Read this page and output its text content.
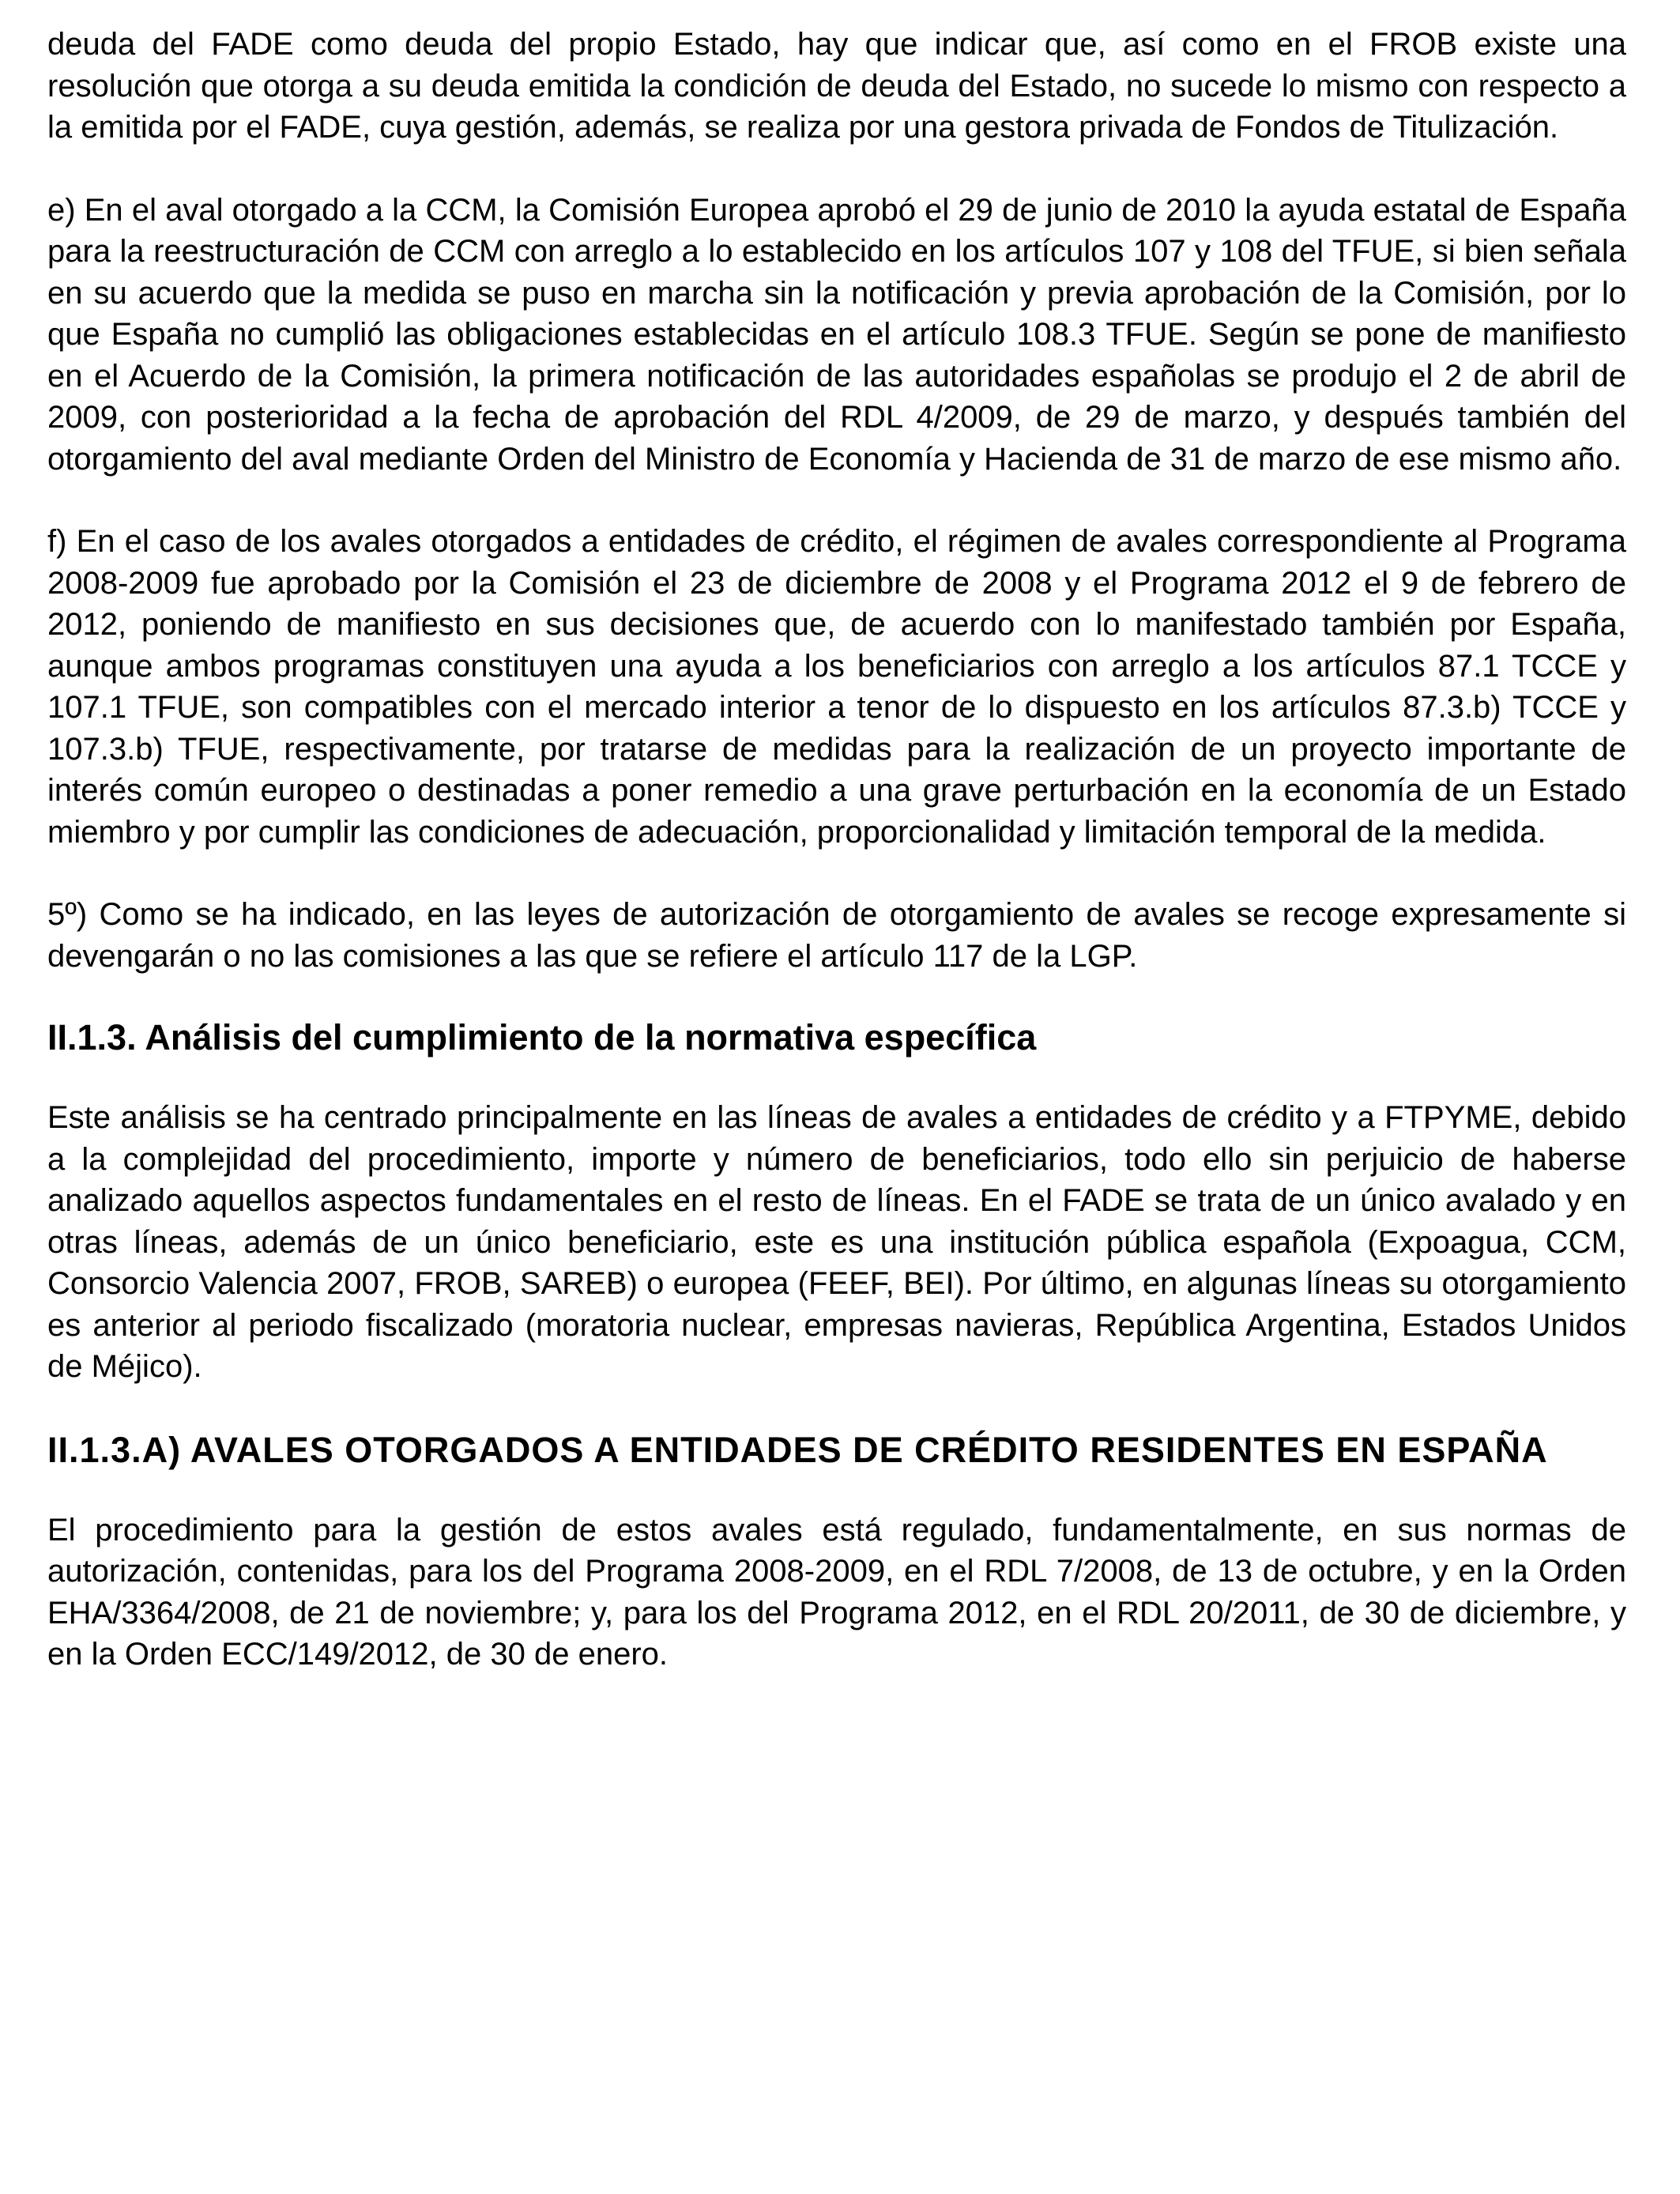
deuda del FADE como deuda del propio Estado, hay que indicar que, así como en el FROB existe una resolución que otorga a su deuda emitida la condición de deuda del Estado, no sucede lo mismo con respecto a la emitida por el FADE, cuya gestión, además, se realiza por una gestora privada de Fondos de Titulización.

e) En el aval otorgado a la CCM, la Comisión Europea aprobó el 29 de junio de 2010 la ayuda estatal de España para la reestructuración de CCM con arreglo a lo establecido en los artículos 107 y 108 del TFUE, si bien señala en su acuerdo que la medida se puso en marcha sin la notificación y previa aprobación de la Comisión, por lo que España no cumplió las obligaciones establecidas en el artículo 108.3 TFUE. Según se pone de manifiesto en el Acuerdo de la Comisión, la primera notificación de las autoridades españolas se produjo el 2 de abril de 2009, con posterioridad a la fecha de aprobación del RDL 4/2009, de 29 de marzo, y después también del otorgamiento del aval mediante Orden del Ministro de Economía y Hacienda de 31 de marzo de ese mismo año.

f) En el caso de los avales otorgados a entidades de crédito, el régimen de avales correspondiente al Programa 2008-2009 fue aprobado por la Comisión el 23 de diciembre de 2008 y el Programa 2012 el 9 de febrero de 2012, poniendo de manifiesto en sus decisiones que, de acuerdo con lo manifestado también por España, aunque ambos programas constituyen una ayuda a los beneficiarios con arreglo a los artículos 87.1 TCCE y 107.1 TFUE, son compatibles con el mercado interior a tenor de lo dispuesto en los artículos 87.3.b) TCCE y 107.3.b) TFUE, respectivamente, por tratarse de medidas para la realización de un proyecto importante de interés común europeo o destinadas a poner remedio a una grave perturbación en la economía de un Estado miembro y por cumplir las condiciones de adecuación, proporcionalidad y limitación temporal de la medida.

5º) Como se ha indicado, en las leyes de autorización de otorgamiento de avales se recoge expresamente si devengarán o no las comisiones a las que se refiere el artículo 117 de la LGP.

II.1.3. Análisis del cumplimiento de la normativa específica

Este análisis se ha centrado principalmente en las líneas de avales a entidades de crédito y a FTPYME, debido a la complejidad del procedimiento, importe y número de beneficiarios, todo ello sin perjuicio de haberse analizado aquellos aspectos fundamentales en el resto de líneas. En el FADE se trata de un único avalado y en otras líneas, además de un único beneficiario, este es una institución pública española (Expoagua, CCM, Consorcio Valencia 2007, FROB, SAREB) o europea (FEEF, BEI). Por último, en algunas líneas su otorgamiento es anterior al periodo fiscalizado (moratoria nuclear, empresas navieras, República Argentina, Estados Unidos de Méjico).

II.1.3.A) AVALES OTORGADOS A ENTIDADES DE CRÉDITO RESIDENTES EN ESPAÑA

El procedimiento para la gestión de estos avales está regulado, fundamentalmente, en sus normas de autorización, contenidas, para los del Programa 2008-2009, en el RDL 7/2008, de 13 de octubre, y en la Orden EHA/3364/2008, de 21 de noviembre; y, para los del Programa 2012, en el RDL 20/2011, de 30 de diciembre, y en la Orden ECC/149/2012, de 30 de enero.
